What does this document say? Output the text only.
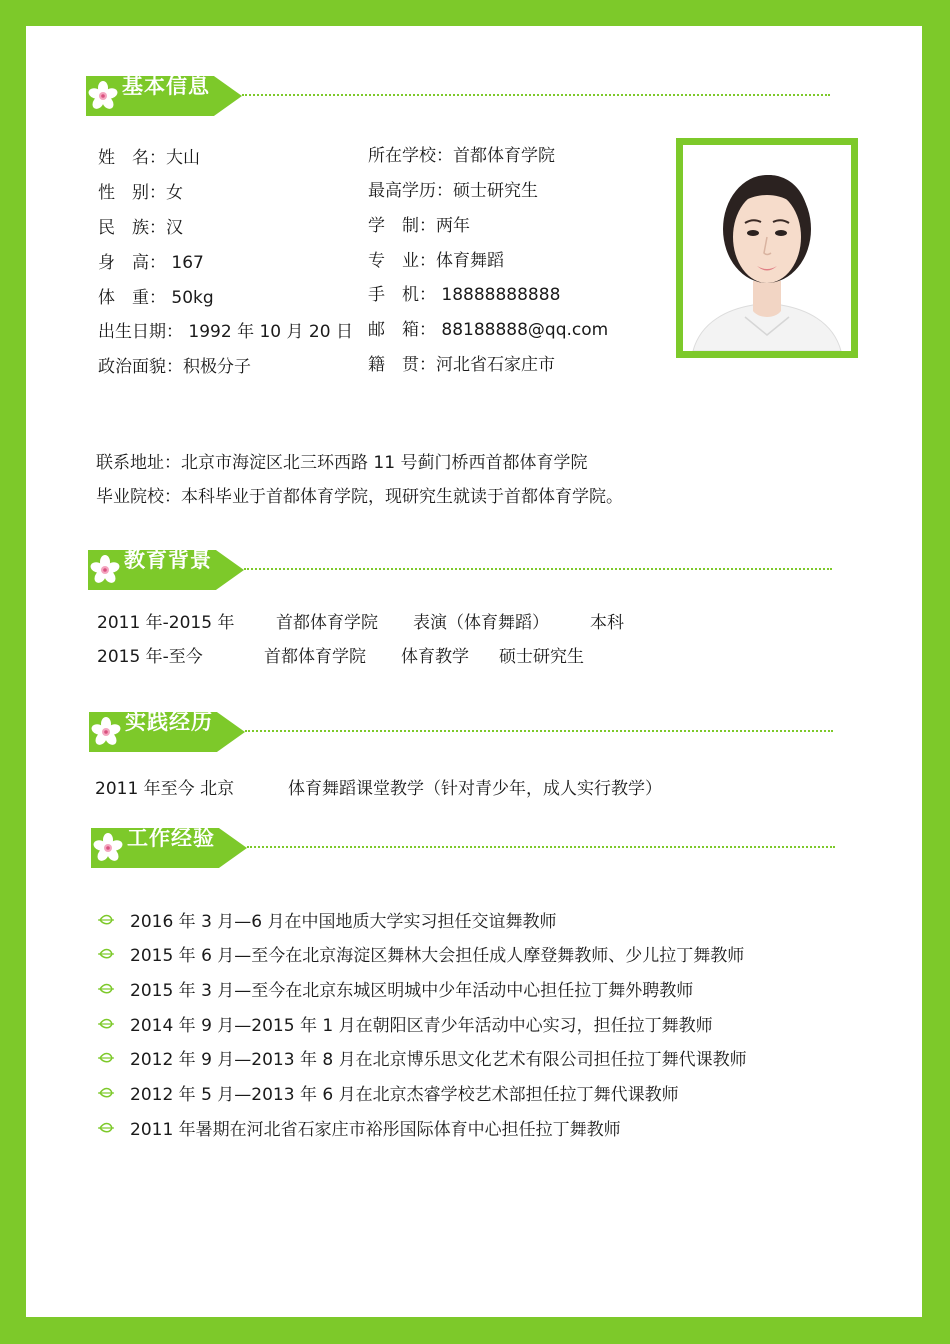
基本信息
姓　名：大山
性　别：女
民　族：汉
身　高： 167
体　重： 50kg
出生日期： 1992 年 10 月 20 日
政治面貌：积极分子
所在学校：首都体育学院
最高学历：硕士研究生
学　制：两年
专　业：体育舞蹈
手　机： 18888888888
邮　箱： 88188888@qq.com
籍　贯：河北省石家庄市
联系地址：北京市海淀区北三环西路 11 号蓟门桥西首都体育学院
毕业院校：本科毕业于首都体育学院，现研究生就读于首都体育学院。
教育背景
2011 年-2015 年 首都体育学院 表演（体育舞蹈） 本科
2015 年-至今	首都体育学院 体育教学 硕士研究生
实践经历
2011 年至今 北京	体育舞蹈课堂教学（针对青少年，成人实行教学）
工作经验
2016 年 3 月—6 月在中国地质大学实习担任交谊舞教师
2015 年 6 月—至今在北京海淀区舞林大会担任成人摩登舞教师、少儿拉丁舞教师
2015 年 3 月—至今在北京东城区明城中少年活动中心担任拉丁舞外聘教师
2014 年 9 月—2015 年 1 月在朝阳区青少年活动中心实习，担任拉丁舞教师
2012 年 9 月—2013 年 8 月在北京博乐思文化艺术有限公司担任拉丁舞代课教师
2012 年 5 月—2013 年 6 月在北京杰睿学校艺术部担任拉丁舞代课教师
2011 年暑期在河北省石家庄市裕彤国际体育中心担任拉丁舞教师
